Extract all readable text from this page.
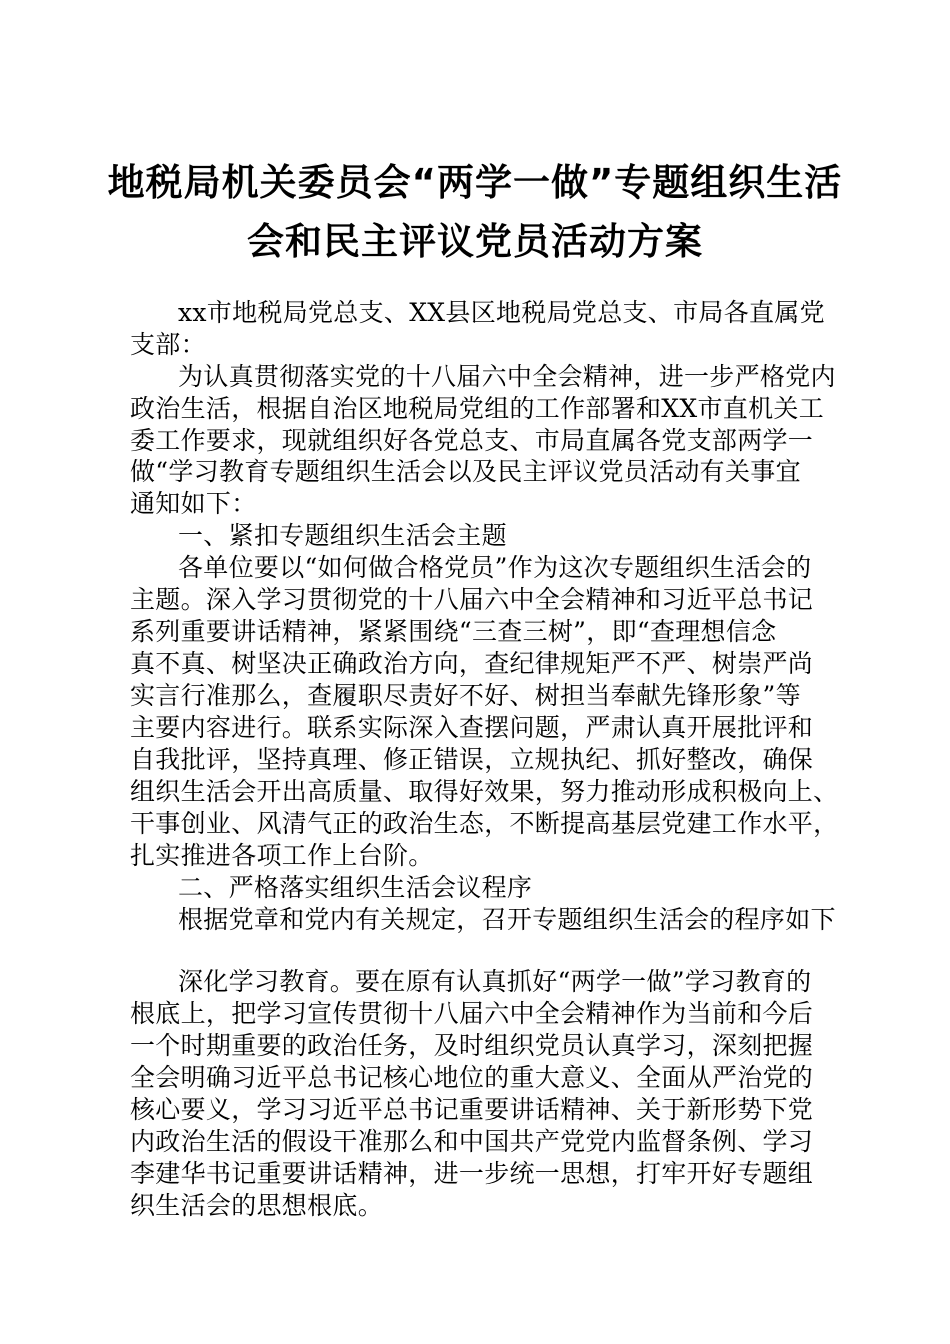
地税局机关委员会“两学一做”专题组织生活
会和民主评议党员活动方案
xx市地税局党总支、XX县区地税局党总支、市局各直属党
支部：
为认真贯彻落实党的十八届六中全会精神，进一步严格党内
政治生活，根据自治区地税局党组的工作部署和XX市直机关工
委工作要求，现就组织好各党总支、市局直属各党支部两学一
做“学习教育专题组织生活会以及民主评议党员活动有关事宜
通知如下：
一、紧扣专题组织生活会主题
各单位要以“如何做合格党员”作为这次专题组织生活会的
主题。深入学习贯彻党的十八届六中全会精神和习近平总书记
系列重要讲话精神，紧紧围绕“三查三树”，即“查理想信念
真不真、树坚决正确政治方向，查纪律规矩严不严、树崇严尚
实言行准那么，查履职尽责好不好、树担当奉献先锋形象”等
主要内容进行。联系实际深入查摆问题，严肃认真开展批评和
自我批评，坚持真理、修正错误，立规执纪、抓好整改，确保
组织生活会开出高质量、取得好效果，努力推动形成积极向上、
干事创业、风清气正的政治生态，不断提高基层党建工作水平，
扎实推进各项工作上台阶。
二、严格落实组织生活会议程序
根据党章和党内有关规定，召开专题组织生活会的程序如下
深化学习教育。要在原有认真抓好“两学一做”学习教育的
根底上，把学习宣传贯彻十八届六中全会精神作为当前和今后
一个时期重要的政治任务，及时组织党员认真学习，深刻把握
全会明确习近平总书记核心地位的重大意义、全面从严治党的
核心要义，学习习近平总书记重要讲话精神、关于新形势下党
内政治生活的假设干准那么和中国共产党党内监督条例、学习
李建华书记重要讲话精神，进一步统一思想，打牢开好专题组
织生活会的思想根底。
